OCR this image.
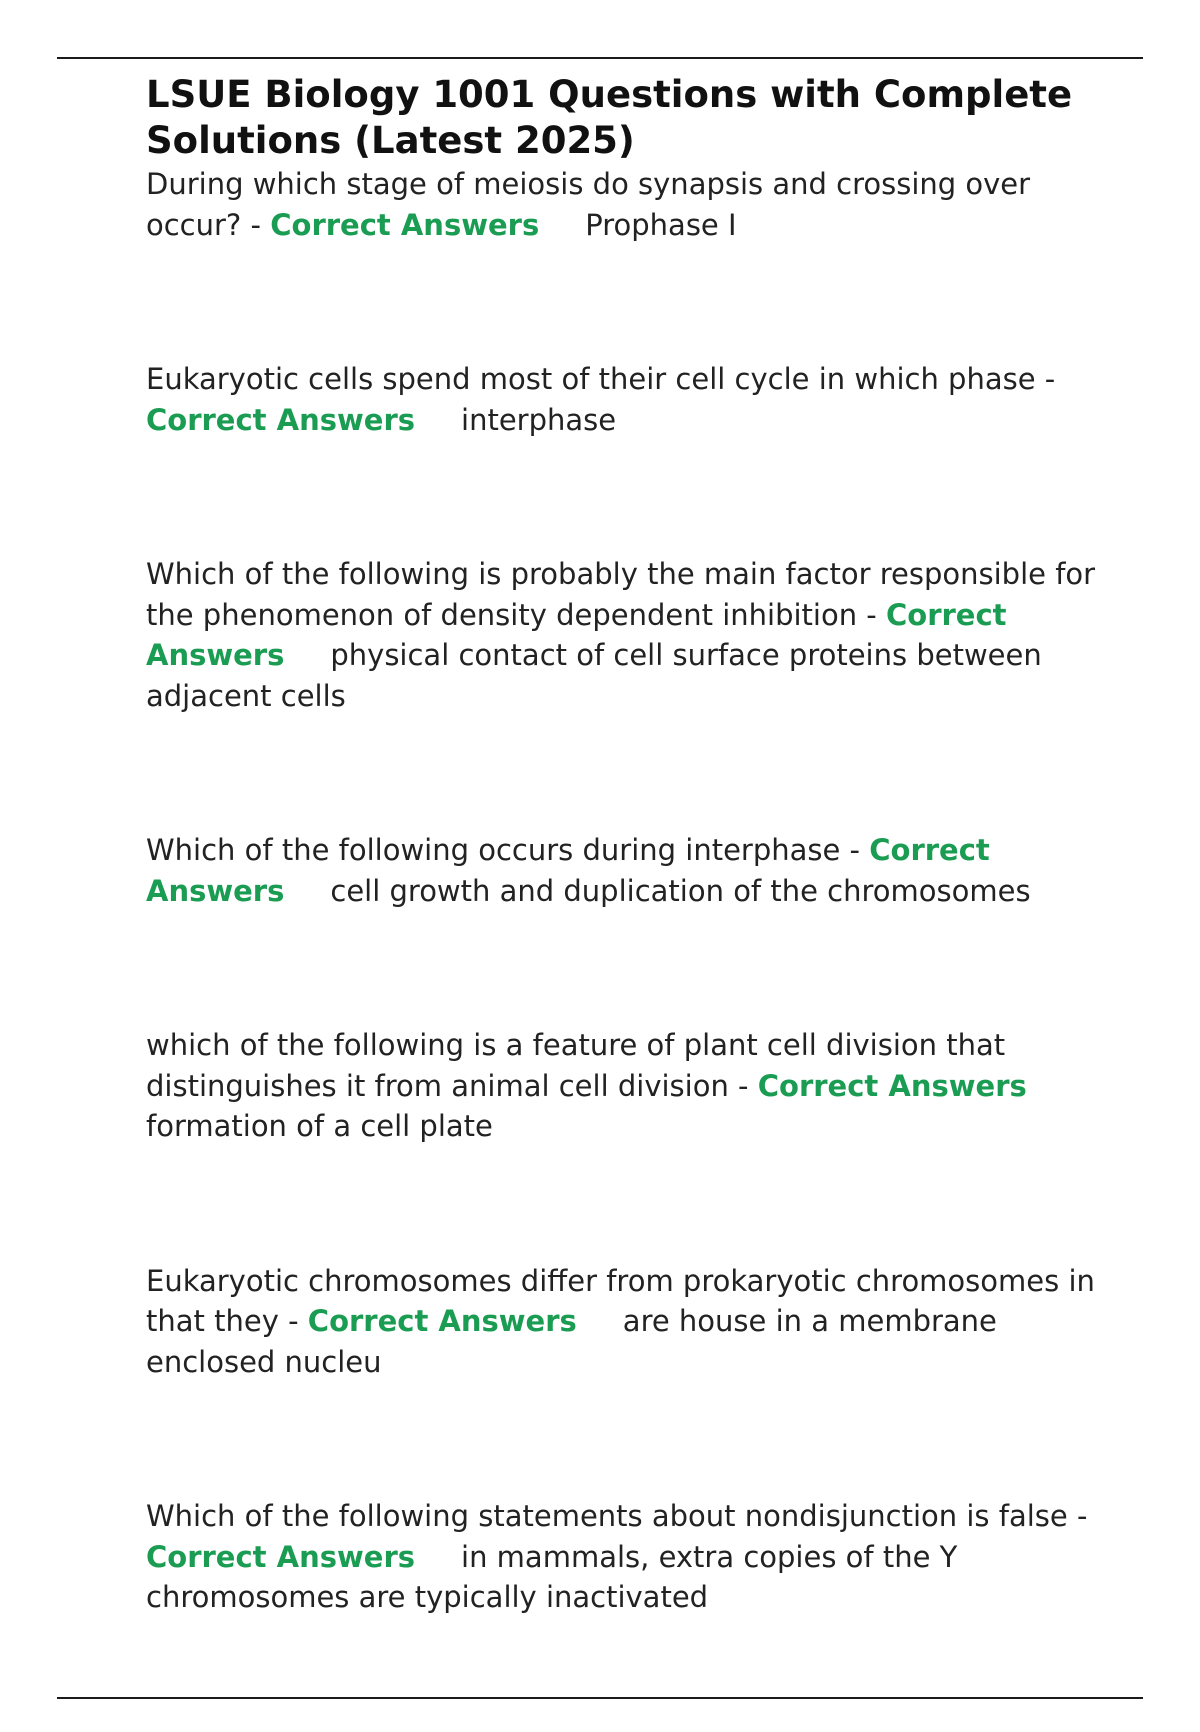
LSUE Biology 1001 Questions with Complete Solutions (Latest 2025)
During which stage of meiosis do synapsis and crossing over occur? - Correct Answers Prophase I
Eukaryotic cells spend most of their cell cycle in which phase - Correct Answers interphase
Which of the following is probably the main factor responsible for the phenomenon of density dependent inhibition - Correct Answers physical contact of cell surface proteins between adjacent cells
Which of the following occurs during interphase - Correct Answers cell growth and duplication of the chromosomes
which of the following is a feature of plant cell division that distinguishes it from animal cell division - Correct Answersformation of a cell plate
Eukaryotic chromosomes differ from prokaryotic chromosomes in that they - Correct Answers are house in a membrane enclosed nucleu
Which of the following statements about nondisjunction is false - Correct Answers in mammals, extra copies of the Y chromosomes are typically inactivated
